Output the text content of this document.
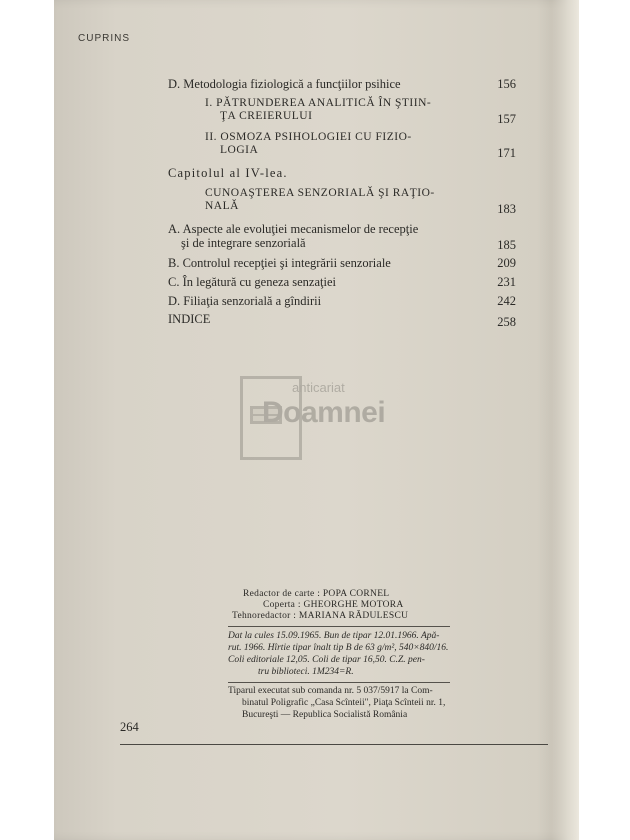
CUPRINS
D. Metodologia fiziologică a funcţiilor psihice	156
I. PĂTRUNDEREA ANALITICĂ ÎN ŞTIIN-
ŢA CREIERULUI	157
II. OSMOZA PSIHOLOGIEI CU FIZIO-
LOGIA	171
Capitolul al IV-lea.
CUNOAŞTEREA SENZORIALĂ ŞI RAŢIO-
NALĂ	183
A. Aspecte ale evoluţiei mecanismelor de recepţie
şi de integrare senzorială	185
B. Controlul recepţiei şi integrării senzoriale	209
C. În legătură cu geneza senzaţiei	231
D. Filiaţia senzorială a gîndirii	242
INDICE	258
anticariat
Doamnei
Redactor de carte : POPA CORNEL
Coperta : GHEORGHE MOTORA
Tehnoredactor : MARIANA RĂDULESCU
Dat la cules 15.09.1965. Bun de tipar 12.01.1966. Apă-
rut. 1966. Hîrtie tipar înalt tip B de 63 g/m², 540×840/16.
Coli editoriale 12,05. Coli de tipar 16,50. C.Z. pen-
tru biblioteci. 1M234=R.
Tiparul executat sub comanda nr. 5 037/5917 la Com-
binatul Poligrafic „Casa Scînteii", Piaţa Scînteii nr. 1,
Bucureşti — Republica Socialistă România
264
